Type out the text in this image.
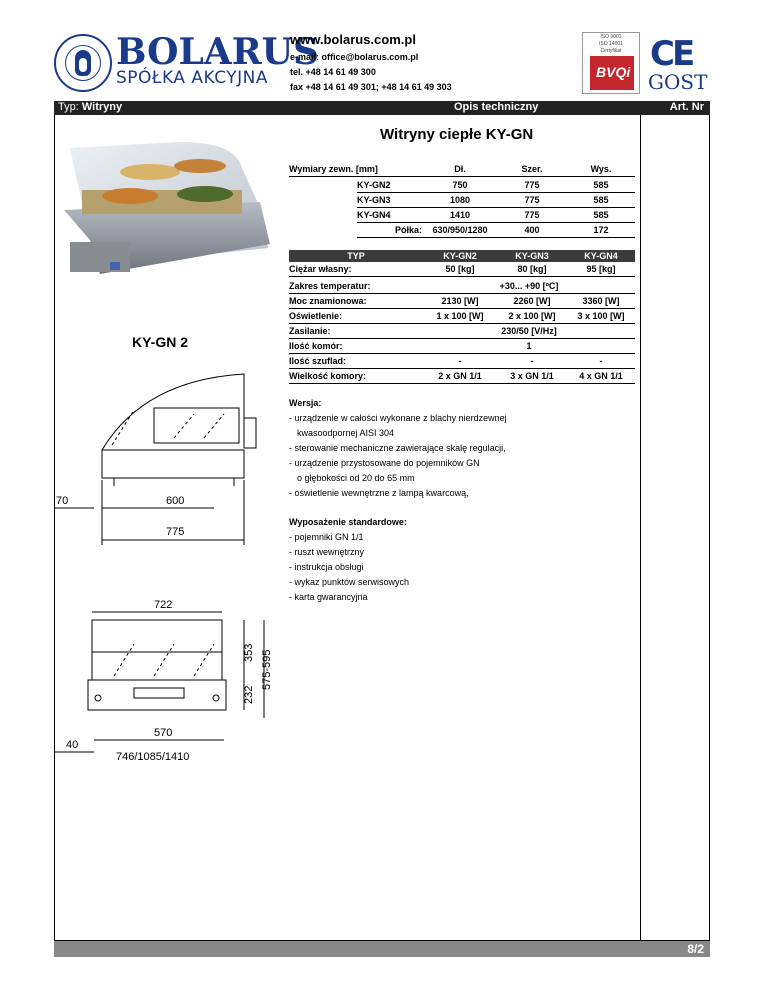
BOLARUS
SPÓŁKA AKCYJNA
www.bolarus.com.pl
e-mail: office@bolarus.com.pl
tel. +48 14 61 49 300
fax +48 14 61 49 301; +48 14 61 49 303
ISO 9001
ISO 14001
Certyfikat
BVQi CE
GOST
Typ: Witryny	Opis techniczny	Art. Nr
Witryny ciepłe KY-GN
KY-GN 2
Wymiary zewn. [mm]	Dł.	Szer.	Wys.
KY-GN2	750	775	585
KY-GN3	1080	775	585
KY-GN4	1410	775	585
Półka:	630/950/1280	400	172
TYP	KY-GN2	KY-GN3	KY-GN4
Ciężar własny:	50 [kg]	80 [kg]	95 [kg]
Zakres temperatur:	+30... +90 [ºC]
Moc znamionowa:	2130 [W]	2260 [W]	3360 [W]
Oświetlenie:	1 x 100 [W]	2 x 100 [W]	3 x 100 [W]
Zasilanie:	230/50 [V/Hz]
Ilość komór:	1
Ilość szuflad:	-	-	-
Wielkość komory:	2 x GN 1/1	3 x GN 1/1	4 x GN 1/1
Wersja:
- urządzenie w całości wykonane z blachy nierdzewnej
kwasoodpornej AISI 304
- sterowanie mechaniczne zawierające skalę regulacji,
- urządzenie przystosowane do pojemników GN
o głębokości od 20 do 65 mm
- oświetlenie wewnętrzne z lampą kwarcową,
Wyposażenie standardowe:
- pojemniki GN 1/1
- ruszt wewnętrzny
- instrukcja obsługi
- wykaz punktów serwisowych
- karta gwarancyjna
70	600
775
722
353
232
575-595
570
40
746/1085/1410
8/2
